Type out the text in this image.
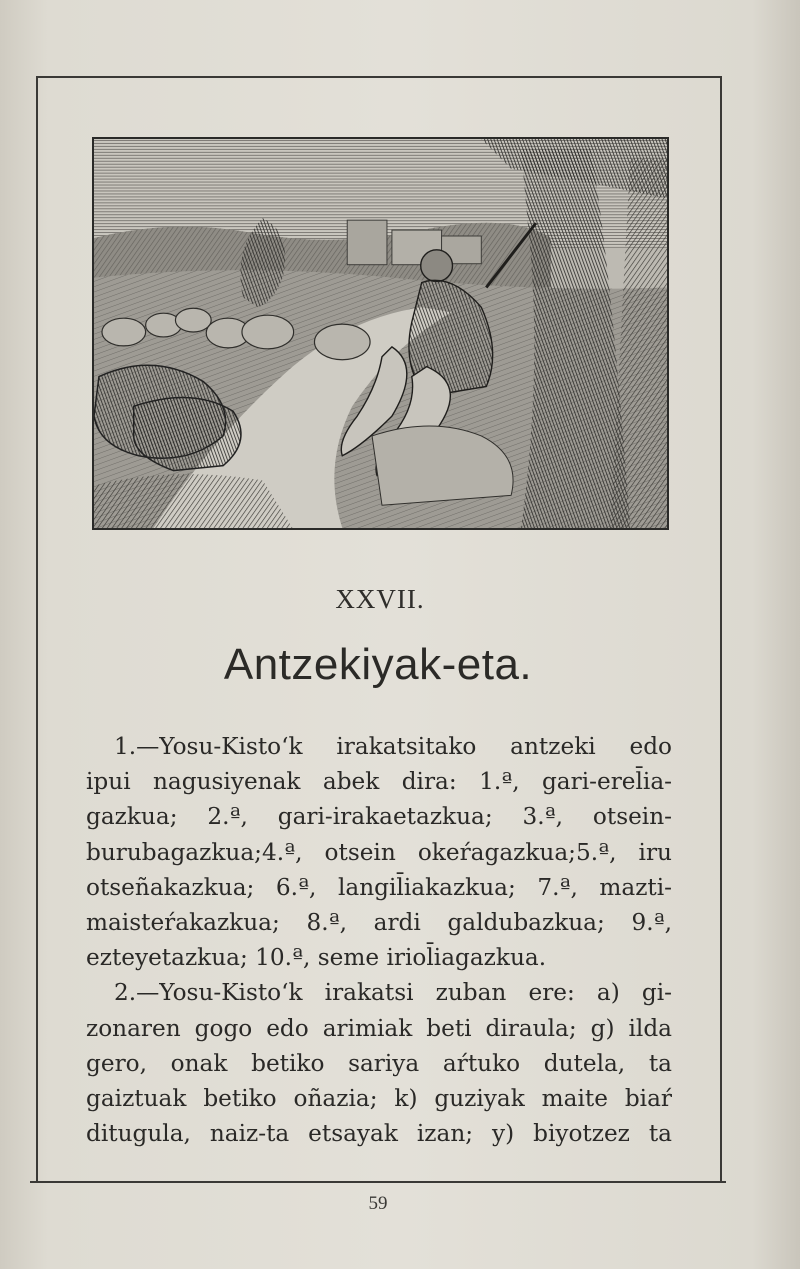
XXVII.
Antzekiyak-eta.
1.—Yosu-Kisto‘k irakatsitako antzeki edo
ipui nagusiyenak abek dira: 1.ª, gari-erel̄ia-
gazkua; 2.ª, gari-irakaetazkua; 3.ª, otsein-
burubagazkua;4.ª, otsein okeŕagazkua;5.ª, iru
otseñakazkua; 6.ª, langil̄iakazkua; 7.ª, mazti-
maisteŕakazkua; 8.ª, ardi galdubazkua; 9.ª,
ezteyetazkua; 10.ª, seme iriol̄iagazkua.
2.—Yosu-Kisto‘k irakatsi zuban ere: a) gi-
zonaren gogo edo arimiak beti diraula; g) ilda
gero, onak betiko sariya aŕtuko dutela, ta
gaiztuak betiko oñazia; k) guziyak maite biaŕ
ditugula, naiz-ta etsayak izan; y) biyotzez ta
59
